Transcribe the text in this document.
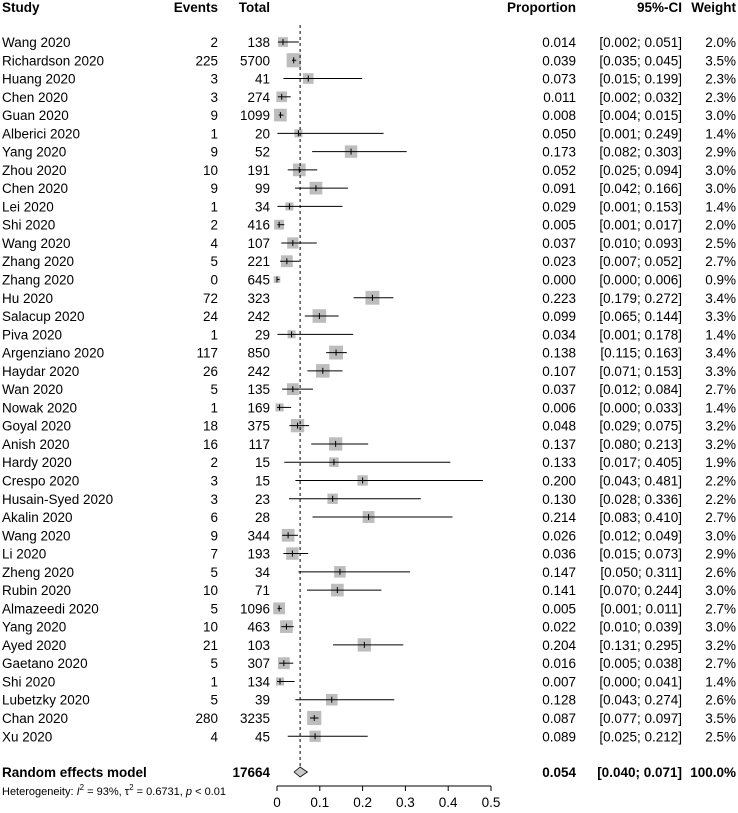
Study	Events Total	Proportion	95%-CI Weight
Wang 2020	2 138	0.014 [0.002; 0.051] 2.0%
Richardson 2020	225 5700	0.039 [0.035; 0.045] 3.5%
Huang 2020	3	41	0.073 [0.015; 0.199] 2.3%
Chen 2020	3 274	0.011 [0.002; 0.032] 2.3%
Guan 2020	9 1099	0.008 [0.004; 0.015] 3.0%
Alberici 2020	1	20	0.050 [0.001; 0.249] 1.4%
Yang 2020	9	52	0.173 [0.082; 0.303] 2.9%
Zhou 2020	10 191	0.052 [0.025; 0.094] 3.0%
Chen 2020	9	99	0.091 [0.042; 0.166] 3.0%
Lei 2020	1	34	0.029 [0.001; 0.153] 1.4%
Shi 2020	2 416	0.005 [0.001; 0.017] 2.0%
Wang 2020	4 107	0.037 [0.010; 0.093] 2.5%
Zhang 2020	5 221	0.023 [0.007; 0.052] 2.7%
Zhang 2020	0 645	0.000 [0.000; 0.006] 0.9%
Hu 2020	72 323	0.223 [0.179; 0.272] 3.4%
Salacup 2020	24 242	0.099 [0.065; 0.144] 3.3%
Piva 2020	1	29	0.034 [0.001; 0.178] 1.4%
Argenziano 2020	117 850	0.138 [0.115; 0.163] 3.4%
Haydar 2020	26 242	0.107 [0.071; 0.153] 3.3%
Wan 2020	5 135	0.037 [0.012; 0.084] 2.7%
Nowak 2020	1 169	0.006 [0.000; 0.033] 1.4%
Goyal 2020	18 375	0.048 [0.029; 0.075] 3.2%
Anish 2020	16 117	0.137 [0.080; 0.213] 3.2%
Hardy 2020	2	15	0.133 [0.017; 0.405] 1.9%
Crespo 2020	3	15	0.200 [0.043; 0.481] 2.2%
Husain-Syed 2020	3	23	0.130 [0.028; 0.336] 2.2%
Akalin 2020	6	28	0.214 [0.083; 0.410] 2.7%
Wang 2020	9 344	0.026 [0.012; 0.049] 3.0%
Li 2020	7 193	0.036 [0.015; 0.073] 2.9%
Zheng 2020	5	34	0.147 [0.050; 0.311] 2.6%
Rubin 2020	10	71	0.141 [0.070; 0.244] 3.0%
Almazeedi 2020	5 1096	0.005 [0.001; 0.011] 2.7%
Yang 2020	10 463	0.022 [0.010; 0.039] 3.0%
Ayed 2020	21 103	0.204 [0.131; 0.295] 3.2%
Gaetano 2020	5 307	0.016 [0.005; 0.038] 2.7%
Shi 2020	1 134	0.007 [0.000; 0.041] 1.4%
Lubetzky 2020	5	39	0.128 [0.043; 0.274] 2.6%
Chan 2020	280 3235	0.087 [0.077; 0.097] 3.5%
Xu 2020	4	45	0.089 [0.025; 0.212] 2.5%
Random effects model	17664	0.054 [0.040; 0.071] 100.0%
Heterogeneity: $I^2 = 93\%$, $\tau^2 = 0.6731$, p < 0.01
0 0.1 0.2 0.3 0.4 0.5
